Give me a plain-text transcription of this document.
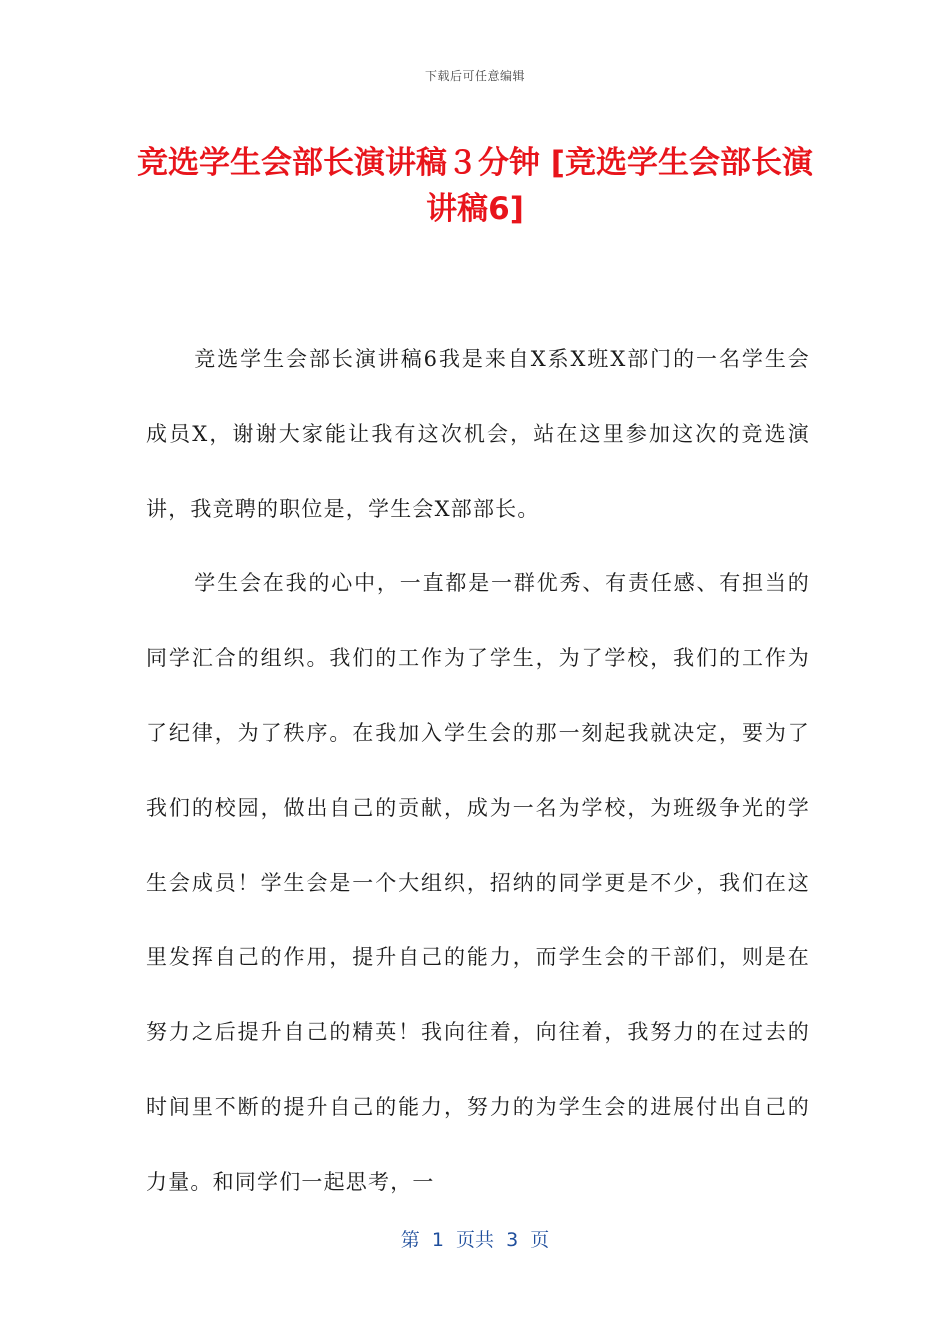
下载后可任意编辑
竞选学生会部长演讲稿３分钟 [竞选学生会部长演讲稿6]

竞选学生会部长演讲稿6我是来自X系X班X部门的一名学生会成员X，谢谢大家能让我有这次机会，站在这里参加这次的竞选演讲，我竞聘的职位是，学生会X部部长。

学生会在我的心中，一直都是一群优秀、有责任感、有担当的同学汇合的组织。我们的工作为了学生，为了学校，我们的工作为了纪律，为了秩序。在我加入学生会的那一刻起我就决定，要为了我们的校园，做出自己的贡献，成为一名为学校，为班级争光的学生会成员！学生会是一个大组织，招纳的同学更是不少，我们在这里发挥自己的作用，提升自己的能力，而学生会的干部们，则是在努力之后提升自己的精英！我向往着，向往着，我努力的在过去的时间里不断的提升自己的能力，努力的为学生会的进展付出自己的力量。和同学们一起思考，一

第  1  页共  3  页
